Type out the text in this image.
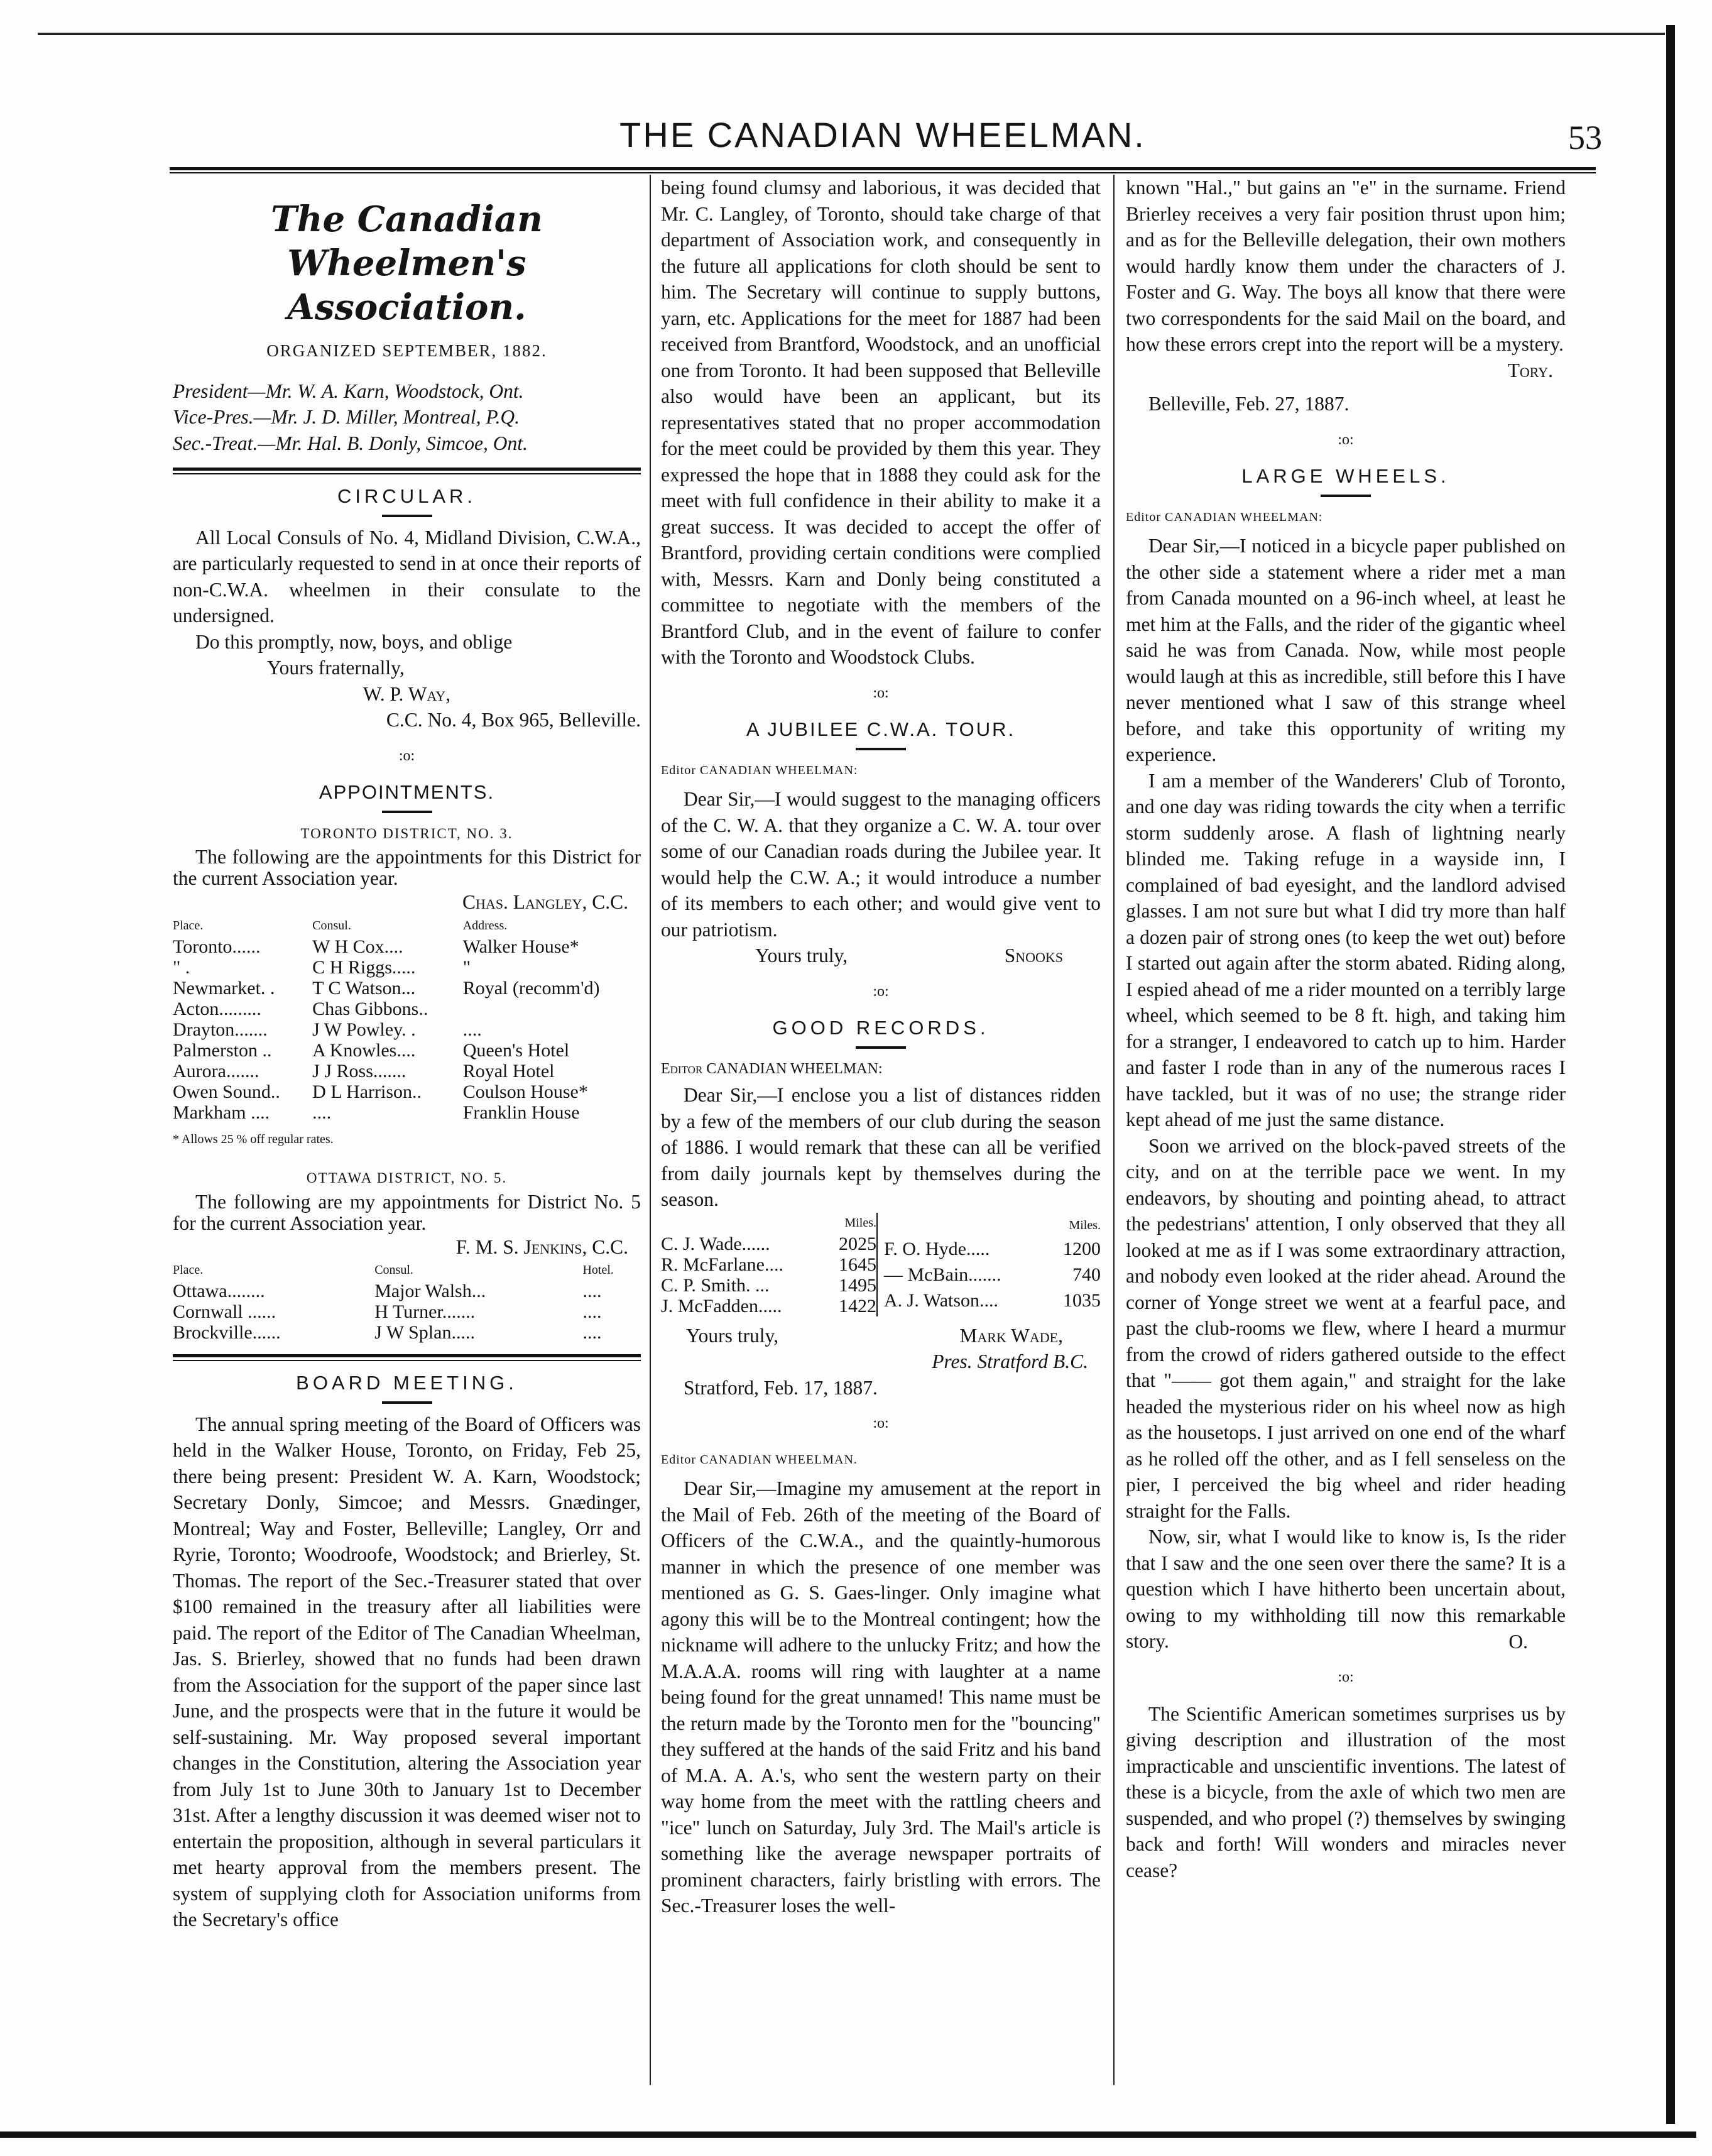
THE CANADIAN WHEELMAN.	53
The Canadian Wheelmen's Association.

ORGANIZED SEPTEMBER, 1882.

President—Mr. W. A. Karn, Woodstock, Ont.

Vice-Pres.—Mr. J. D. Miller, Montreal, P.Q.

Sec.-Treat.—Mr. Hal. B. Donly, Simcoe, Ont.

CIRCULAR.

All Local Consuls of No. 4, Midland Division, C.W.A., are particularly requested to send in at once their reports of non-C.W.A. wheelmen in their consulate to the undersigned.

Do this promptly, now, boys, and oblige

Yours fraternally,

W. P. Way,

C.C. No. 4, Box 965, Belleville.

:o:

APPOINTMENTS.

TORONTO DISTRICT, NO. 3.

The following are the appointments for this District for the current Association year.

Chas. Langley, C.C.

Place.	Consul.	Address.
Toronto......	W H Cox....	Walker House*
" .	C H Riggs.....	"
Newmarket. .	T C Watson...	Royal (recomm'd)
Acton.........	Chas Gibbons..	
Drayton.......	J W Powley. .	....
Palmerston ..	A Knowles....	Queen's Hotel
Aurora.......	J J Ross.......	Royal Hotel
Owen Sound..	D L Harrison..	Coulson House*
Markham ....	....	Franklin House

* Allows 25 % off regular rates.

OTTAWA DISTRICT, NO. 5.

The following are my appointments for District No. 5 for the current Association year.

F. M. S. Jenkins, C.C.

Place.	Consul.	Hotel.
Ottawa........	Major Walsh...	....
Cornwall ......	H Turner.......	....
Brockville......	J W Splan.....	....
BOARD MEETING.

The annual spring meeting of the Board of Officers was held in the Walker House, Toronto, on Friday, Feb 25, there being present: President W. A. Karn, Woodstock; Secretary Donly, Simcoe; and Messrs. Gnædinger, Montreal; Way and Foster, Belleville; Langley, Orr and Ryrie, Toronto; Woodroofe, Woodstock; and Brierley, St. Thomas. The report of the Sec.-Treasurer stated that over $100 remained in the treasury after all liabilities were paid. The report of the Editor of The Canadian Wheelman, Jas. S. Brierley, showed that no funds had been drawn from the Association for the support of the paper since last June, and the prospects were that in the future it would be self-sustaining. Mr. Way proposed several important changes in the Constitution, altering the Association year from July 1st to June 30th to January 1st to December 31st. After a lengthy discussion it was deemed wiser not to entertain the proposition, although in several particulars it met hearty approval from the members present. The system of supplying cloth for Association uniforms from the Secretary's office

being found clumsy and laborious, it was decided that Mr. C. Langley, of Toronto, should take charge of that department of Association work, and consequently in the future all applications for cloth should be sent to him. The Secretary will continue to supply buttons, yarn, etc. Applications for the meet for 1887 had been received from Brantford, Woodstock, and an unofficial one from Toronto. It had been supposed that Belleville also would have been an applicant, but its representatives stated that no proper accommodation for the meet could be provided by them this year. They expressed the hope that in 1888 they could ask for the meet with full confidence in their ability to make it a great success. It was decided to accept the offer of Brantford, providing certain conditions were complied with, Messrs. Karn and Donly being constituted a committee to negotiate with the members of the Brantford Club, and in the event of failure to confer with the Toronto and Woodstock Clubs.

:o:

A JUBILEE C.W.A. TOUR.

Editor CANADIAN WHEELMAN:

Dear Sir,—I would suggest to the managing officers of the C. W. A. that they organize a C. W. A. tour over some of our Canadian roads during the Jubilee year. It would help the C.W. A.; it would introduce a number of its members to each other; and would give vent to our patriotism.

Yours truly,	Snooks

:o:

GOOD RECORDS.

Editor CANADIAN WHEELMAN:

Dear Sir,—I enclose you a list of distances ridden by a few of the members of our club during the season of 1886. I would remark that these can all be verified from daily journals kept by themselves during the season.

	Miles.
C. J. Wade......	2025
R. McFarlane....	1645
C. P. Smith. ...	1495
J. McFadden.....	1422
	Miles.
F. O. Hyde.....	1200
— McBain.......	740
A. J. Watson....	1035
Yours truly,	Mark Wade,

Pres. Stratford B.C.

Stratford, Feb. 17, 1887.

:o:

Editor CANADIAN WHEELMAN.

Dear Sir,—Imagine my amusement at the report in the Mail of Feb. 26th of the meeting of the Board of Officers of the C.W.A., and the quaintly-humorous manner in which the presence of one member was mentioned as G. S. Gaes-linger. Only imagine what agony this will be to the Montreal contingent; how the nickname will adhere to the unlucky Fritz; and how the M.A.A.A. rooms will ring with laughter at a name being found for the great unnamed! This name must be the return made by the Toronto men for the "bouncing" they suffered at the hands of the said Fritz and his band of M.A. A. A.'s, who sent the western party on their way home from the meet with the rattling cheers and "ice" lunch on Saturday, July 3rd. The Mail's article is something like the average newspaper portraits of prominent characters, fairly bristling with errors. The Sec.-Treasurer loses the well-

known "Hal.," but gains an "e" in the surname. Friend Brierley receives a very fair position thrust upon him; and as for the Belleville delegation, their own mothers would hardly know them under the characters of J. Foster and G. Way. The boys all know that there were two correspondents for the said Mail on the board, and how these errors crept into the report will be a mystery.

Tory.

Belleville, Feb. 27, 1887.

:o:

LARGE WHEELS.

Editor CANADIAN WHEELMAN:

Dear Sir,—I noticed in a bicycle paper published on the other side a statement where a rider met a man from Canada mounted on a 96-inch wheel, at least he met him at the Falls, and the rider of the gigantic wheel said he was from Canada. Now, while most people would laugh at this as incredible, still before this I have never mentioned what I saw of this strange wheel before, and take this opportunity of writing my experience.

I am a member of the Wanderers' Club of Toronto, and one day was riding towards the city when a terrific storm suddenly arose. A flash of lightning nearly blinded me. Taking refuge in a wayside inn, I complained of bad eyesight, and the landlord advised glasses. I am not sure but what I did try more than half a dozen pair of strong ones (to keep the wet out) before I started out again after the storm abated. Riding along, I espied ahead of me a rider mounted on a terribly large wheel, which seemed to be 8 ft. high, and taking him for a stranger, I endeavored to catch up to him. Harder and faster I rode than in any of the numerous races I have tackled, but it was of no use; the strange rider kept ahead of me just the same distance.

Soon we arrived on the block-paved streets of the city, and on at the terrible pace we went. In my endeavors, by shouting and pointing ahead, to attract the pedestrians' attention, I only observed that they all looked at me as if I was some extraordinary attraction, and nobody even looked at the rider ahead. Around the corner of Yonge street we went at a fearful pace, and past the club-rooms we flew, where I heard a murmur from the crowd of riders gathered outside to the effect that "—— got them again," and straight for the lake headed the mysterious rider on his wheel now as high as the housetops. I just arrived on one end of the wharf as he rolled off the other, and as I fell senseless on the pier, I perceived the big wheel and rider heading straight for the Falls.

Now, sir, what I would like to know is, Is the rider that I saw and the one seen over there the same? It is a question which I have hitherto been uncertain about, owing to my withholding till now this remarkable story.	O.

:o:

The Scientific American sometimes surprises us by giving description and illustration of the most impracticable and unscientific inventions. The latest of these is a bicycle, from the axle of which two men are suspended, and who propel (?) themselves by swinging back and forth! Will wonders and miracles never cease?
